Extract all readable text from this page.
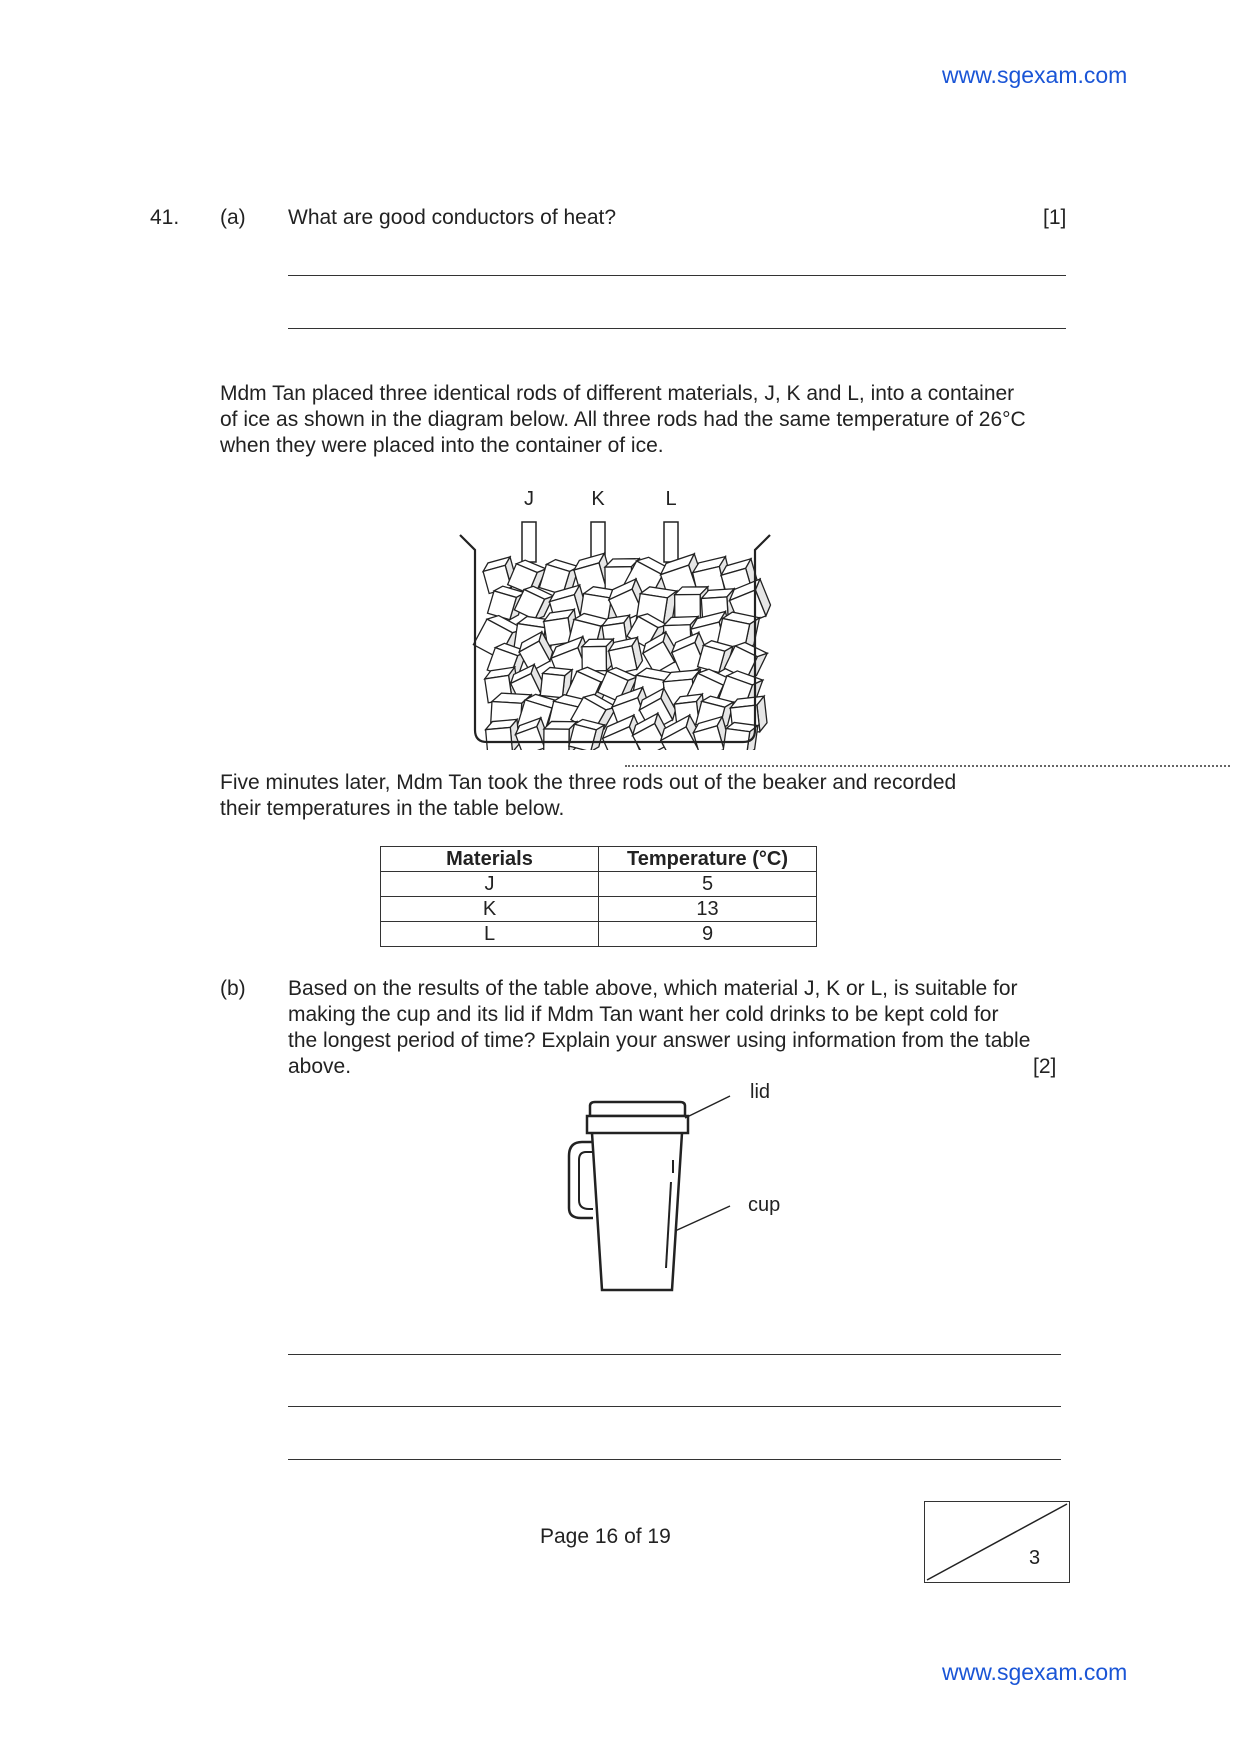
www.sgexam.com
41. (a) What are good conductors of heat?	[1]
Mdm Tan placed three identical rods of different materials, J, K and L, into a container
of ice as shown in the diagram below. All three rods had the same temperature of 26°C
when they were placed into the container of ice.
J	K	L
Five minutes later, Mdm Tan took the three rods out of the beaker and recorded
their temperatures in the table below.
Materials	Temperature (°C)
J	5
K	13
L	9
(b) Based on the results of the table above, which material J, K or L, is suitable for
making the cup and its lid if Mdm Tan want her cold drinks to be kept cold for
the longest period of time? Explain your answer using information from the table
above.	[2]
lid
cup
Page 16 of 19
3
www.sgexam.com
